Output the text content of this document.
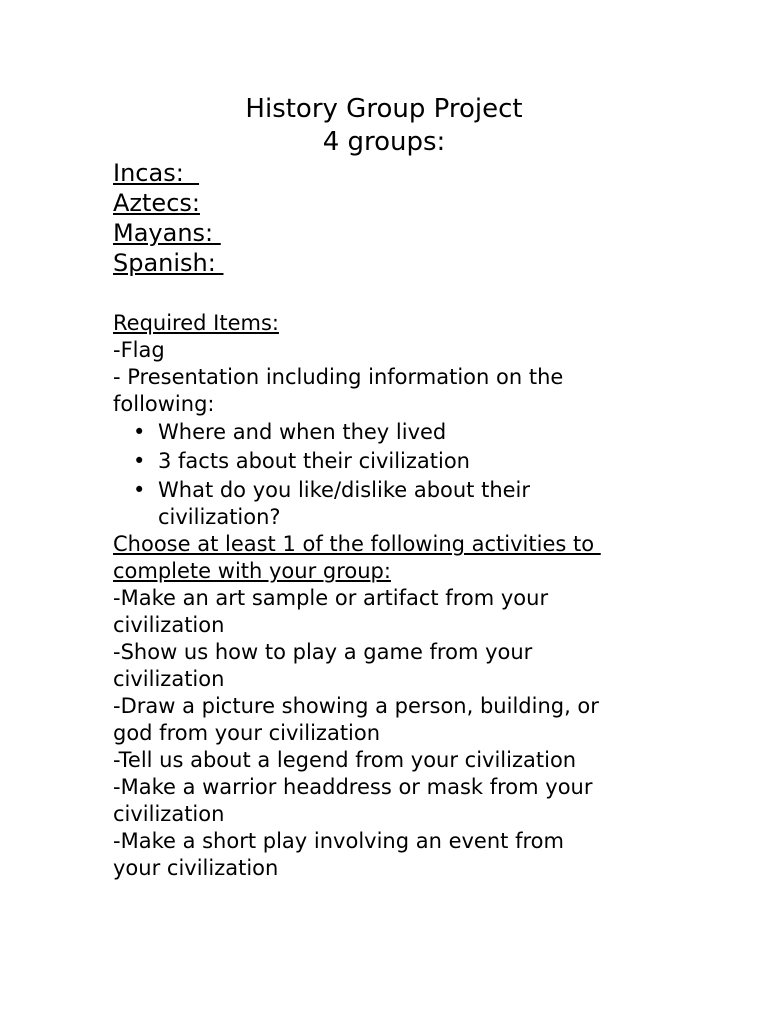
History Group Project
4 groups:
Incas:
Aztecs:
Mayans:
Spanish:
Required Items:
-Flag
- Presentation including information on the
following:
• Where and when they lived
• 3 facts about their civilization
• What do you like/dislike about their
civilization?
Choose at least 1 of the following activities to
complete with your group:
-Make an art sample or artifact from your
civilization
-Show us how to play a game from your
civilization
-Draw a picture showing a person, building, or
god from your civilization
-Tell us about a legend from your civilization
-Make a warrior headdress or mask from your
civilization
-Make a short play involving an event from
your civilization
